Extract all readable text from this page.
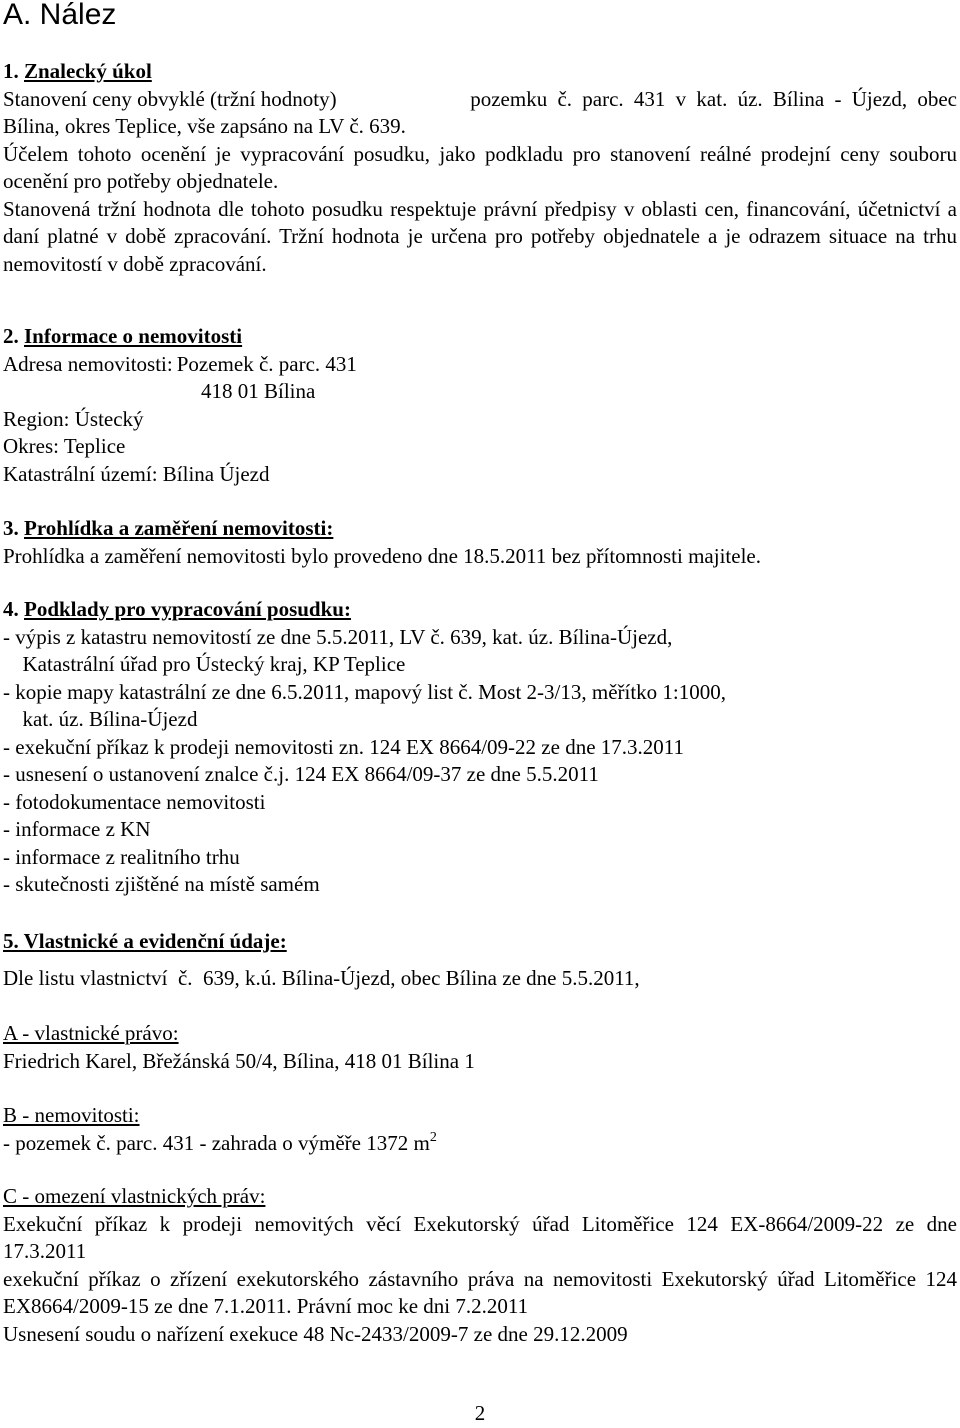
A. Nález
1. Znalecký úkol
Stanovení ceny obvyklé (tržní hodnoty)	pozemku č. parc. 431 v kat. úz. Bílina - Újezd, obec
Bílina, okres Teplice, vše zapsáno na LV č. 639.
Účelem tohoto ocenění je vypracování posudku, jako podkladu pro stanovení reálné prodejní ceny souboru ocenění pro potřeby objednatele.
Stanovená tržní hodnota dle tohoto posudku respektuje právní předpisy v oblasti cen, financování, účetnictví a daní platné v době zpracování. Tržní hodnota je určena pro potřeby objednatele a je odrazem situace na trhu nemovitostí v době zpracování.
2. Informace o nemovitosti
Adresa nemovitosti: Pozemek č. parc. 431
418 01 Bílina
Region: Ústecký
Okres: Teplice
Katastrální území: Bílina Újezd
3. Prohlídka a zaměření nemovitosti:
Prohlídka a zaměření nemovitosti bylo provedeno dne 18.5.2011 bez přítomnosti majitele.
4. Podklady pro vypracování posudku:
- výpis z katastru nemovitostí ze dne 5.5.2011, LV č. 639, kat. úz. Bílina-Újezd,
Katastrální úřad pro Ústecký kraj, KP Teplice
- kopie mapy katastrální ze dne 6.5.2011, mapový list č. Most 2-3/13, měřítko 1:1000,
kat. úz. Bílina-Újezd
- exekuční příkaz k prodeji nemovitosti zn. 124 EX 8664/09-22 ze dne 17.3.2011
- usnesení o ustanovení znalce č.j. 124 EX 8664/09-37 ze dne 5.5.2011
- fotodokumentace nemovitosti
- informace z KN
- informace z realitního trhu
- skutečnosti zjištěné na místě samém
5. Vlastnické a evidenční údaje:
Dle listu vlastnictví  č.  639, k.ú. Bílina-Újezd, obec Bílina ze dne 5.5.2011,
A - vlastnické právo:
Friedrich Karel, Břežánská 50/4, Bílina, 418 01 Bílina 1
B - nemovitosti:
- pozemek č. parc. 431 - zahrada o výměře 1372 $m^2$
C - omezení vlastnických práv:
Exekuční příkaz k prodeji nemovitých věcí Exekutorský úřad Litoměřice 124 EX-8664/2009-22 ze dne 17.3.2011
exekuční příkaz o zřízení exekutorského zástavního práva na nemovitosti Exekutorský úřad Litoměřice 124 EX8664/2009-15 ze dne 7.1.2011. Právní moc ke dni 7.2.2011
Usnesení soudu o nařízení exekuce 48 Nc-2433/2009-7 ze dne 29.12.2009
2
